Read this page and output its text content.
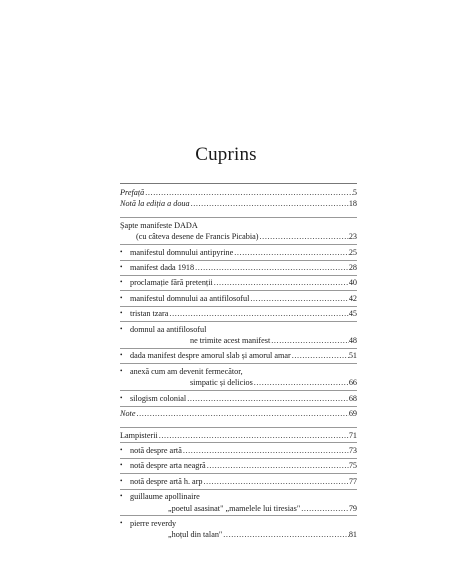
Cuprins
Prefață .....	5
Notă la ediția a doua .....	18
Șapte manifeste DADA
(cu câteva desene de Francis Picabia) .....	23
• manifestul domnului antipyrine .....	25
• manifest dada 1918 .....	28
• proclamație fără pretenții .....	40
• manifestul domnului aa antifilosoful .....	42
• tristan tzara .....	45
• domnul aa antifilosoful
ne trimite acest manifest .....	48
• dada manifest despre amorul slab și amorul amar .....	51
• anexă cum am devenit fermecător,
simpatic și delicios .....	66
• silogism colonial .....	68
Note .....	69
Lampisterii .....	71
• notă despre artă .....	73
• notă despre arta neagră .....	75
• notă despre artă h. arp .....	77
• guillaume apollinaire
„poetul asasinat" „mamelele lui tiresias" .....	79
• pierre reverdy
„hoțul din talan" .....	81
